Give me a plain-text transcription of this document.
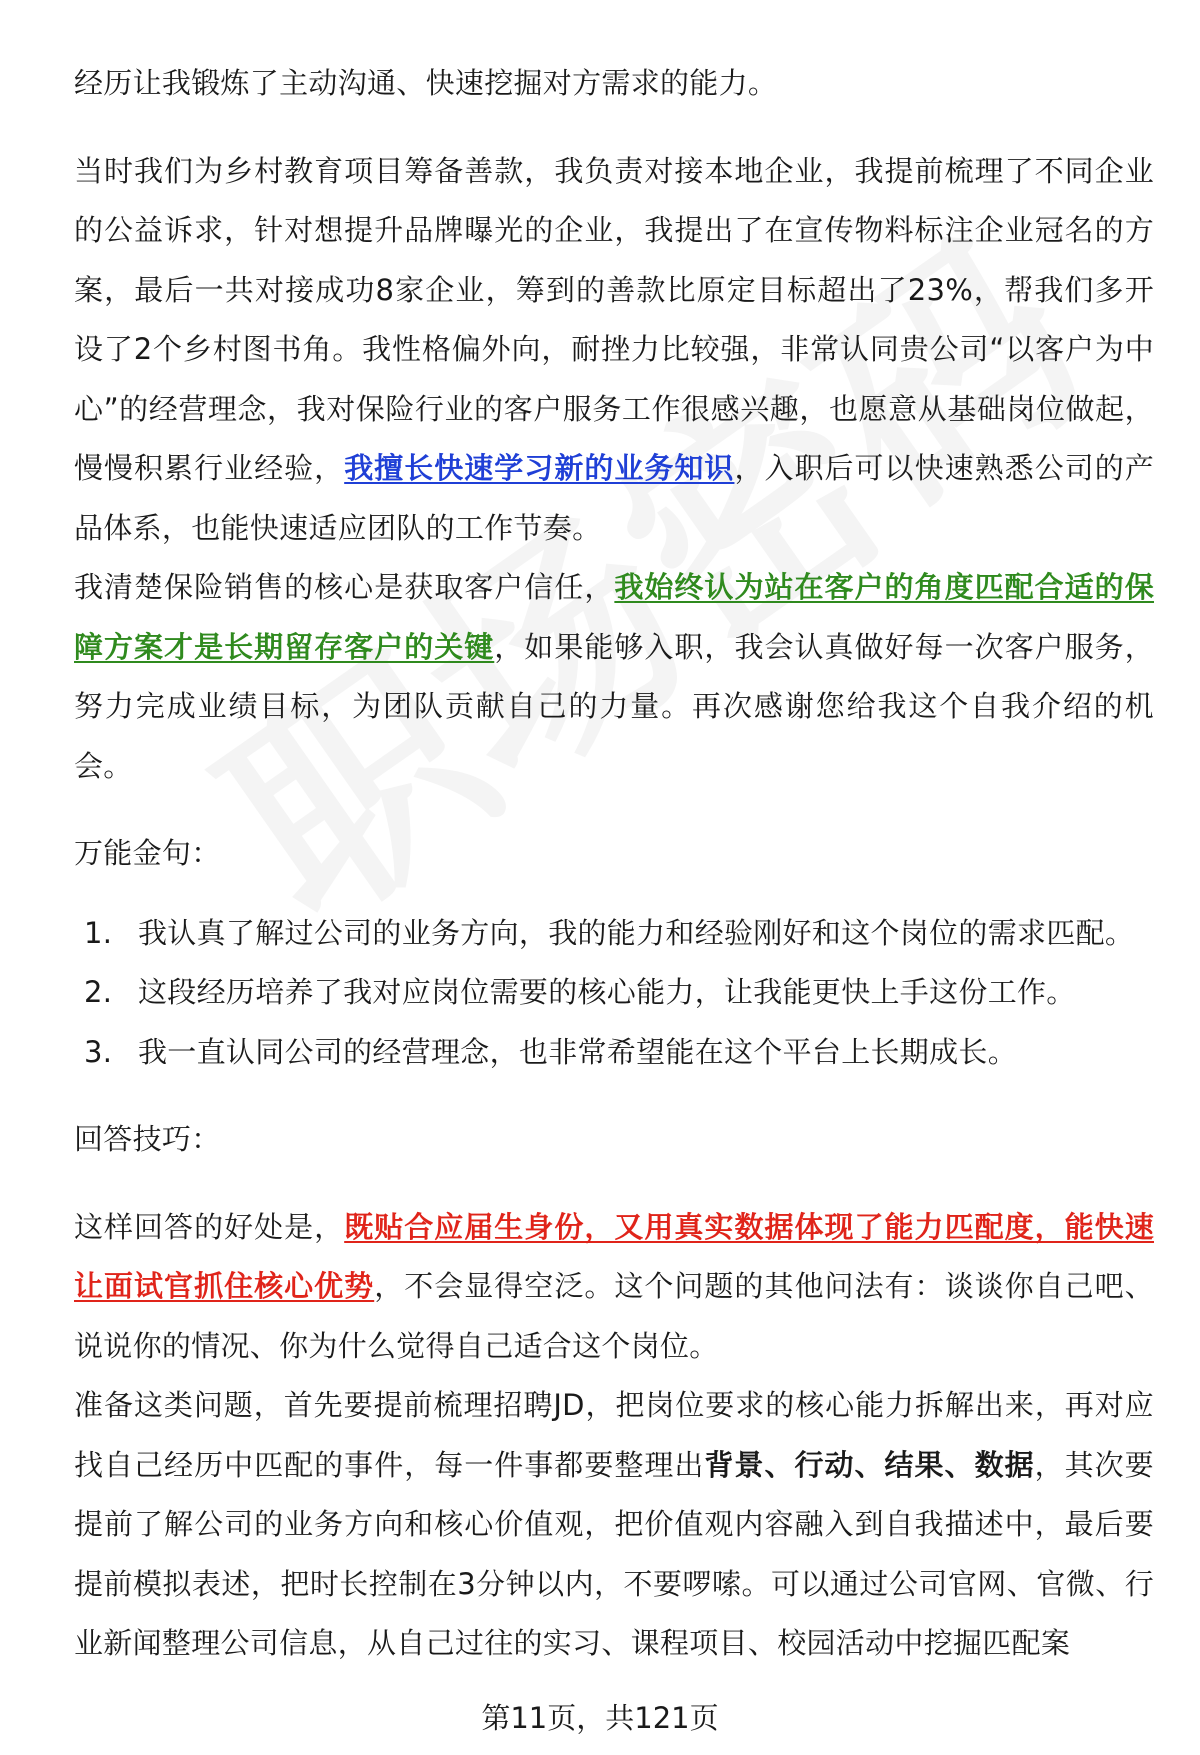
经历让我锻炼了主动沟通、快速挖掘对方需求的能力。

当时我们为乡村教育项目筹备善款，我负责对接本地企业，我提前梳理了不同企业的公益诉求，针对想提升品牌曝光的企业，我提出了在宣传物料标注企业冠名的方案，最后一共对接成功8家企业，筹到的善款比原定目标超出了23%，帮我们多开设了2个乡村图书角。我性格偏外向，耐挫力比较强，非常认同贵公司“以客户为中心”的经营理念，我对保险行业的客户服务工作很感兴趣，也愿意从基础岗位做起，慢慢积累行业经验，我擅长快速学习新的业务知识，入职后可以快速熟悉公司的产品体系，也能快速适应团队的工作节奏。

我清楚保险销售的核心是获取客户信任，我始终认为站在客户的角度匹配合适的保障方案才是长期留存客户的关键，如果能够入职，我会认真做好每一次客户服务，努力完成业绩目标，为团队贡献自己的力量。再次感谢您给我这个自我介绍的机会。

万能金句：

1. 我认真了解过公司的业务方向，我的能力和经验刚好和这个岗位的需求匹配。
2. 这段经历培养了我对应岗位需要的核心能力，让我能更快上手这份工作。
3. 我一直认同公司的经营理念，也非常希望能在这个平台上长期成长。

回答技巧：

这样回答的好处是，既贴合应届生身份，又用真实数据体现了能力匹配度，能快速让面试官抓住核心优势，不会显得空泛。这个问题的其他问法有：谈谈你自己吧、说说你的情况、你为什么觉得自己适合这个岗位。

准备这类问题，首先要提前梳理招聘JD，把岗位要求的核心能力拆解出来，再对应找自己经历中匹配的事件，每一件事都要整理出背景、行动、结果、数据，其次要提前了解公司的业务方向和核心价值观，把价值观内容融入到自我描述中，最后要提前模拟表述，把时长控制在3分钟以内，不要啰嗦。可以通过公司官网、官微、行业新闻整理公司信息，从自己过往的实习、课程项目、校园活动中挖掘匹配案

第11页，共121页
